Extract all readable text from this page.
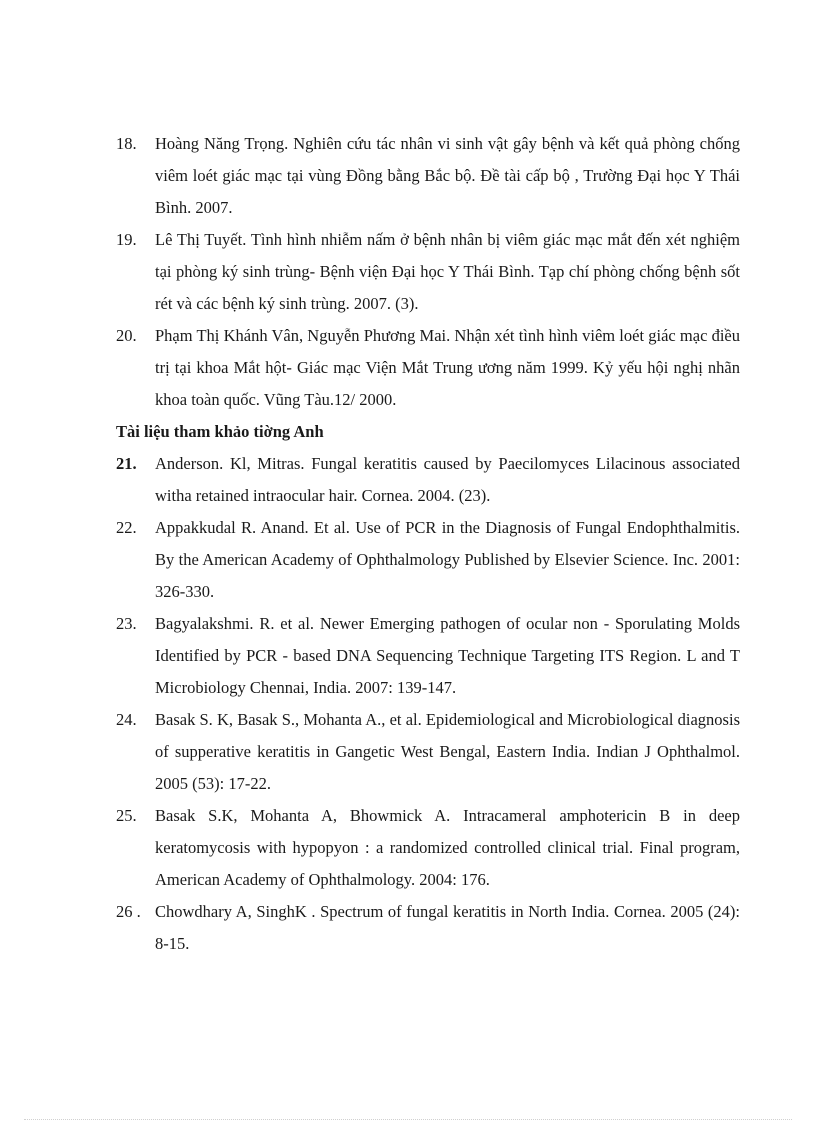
18.	Hoàng Năng Trọng. Nghiên cứu tác nhân vi sinh vật gây bệnh và kết quả phòng chống viêm loét giác mạc tại vùng Đồng bằng Bắc bộ. Đề tài cấp bộ , Trường Đại học Y Thái Bình. 2007.
19.	Lê Thị Tuyết. Tình hình nhiễm nấm ở bệnh nhân bị viêm giác mạc mắt đến xét nghiệm tại phòng ký sinh trùng- Bệnh viện Đại học Y Thái Bình. Tạp chí phòng chống bệnh sốt rét và các bệnh ký sinh trùng. 2007. (3).
20.	Phạm Thị Khánh Vân, Nguyễn Phương Mai. Nhận xét tình hình viêm loét giác mạc điều trị tại khoa Mắt hột- Giác mạc Viện Mắt Trung ương năm 1999. Kỷ yếu hội nghị nhãn khoa toàn quốc. Vũng Tàu.12/ 2000.
Tài liệu tham khảo tiờng Anh
21.	Anderson. Kl, Mitras. Fungal keratitis caused by Paecilomyces Lilacinous associated witha retained intraocular hair. Cornea. 2004. (23).
22.	Appakkudal R. Anand. Et al. Use of PCR in the Diagnosis of Fungal Endophthalmitis. By the American Academy of Ophthalmology Published by Elsevier Science. Inc. 2001: 326-330.
23.	Bagyalakshmi. R. et al. Newer Emerging pathogen of ocular non - Sporulating Molds Identified by PCR - based DNA Sequencing Technique Targeting ITS Region. L and T Microbiology Chennai, India. 2007: 139-147.
24.	Basak S. K, Basak S., Mohanta A., et al. Epidemiological and Microbiological diagnosis of supperative keratitis in Gangetic West Bengal, Eastern India. Indian J Ophthalmol. 2005 (53): 17-22.
25.	Basak S.K, Mohanta A, Bhowmick A. Intracameral amphotericin B in deep keratomycosis with hypopyon : a randomized controlled clinical trial. Final program, American Academy of Ophthalmology. 2004: 176.
26 . Chowdhary A, SinghK . Spectrum of fungal keratitis in North India. Cornea. 2005 (24): 8-15.
